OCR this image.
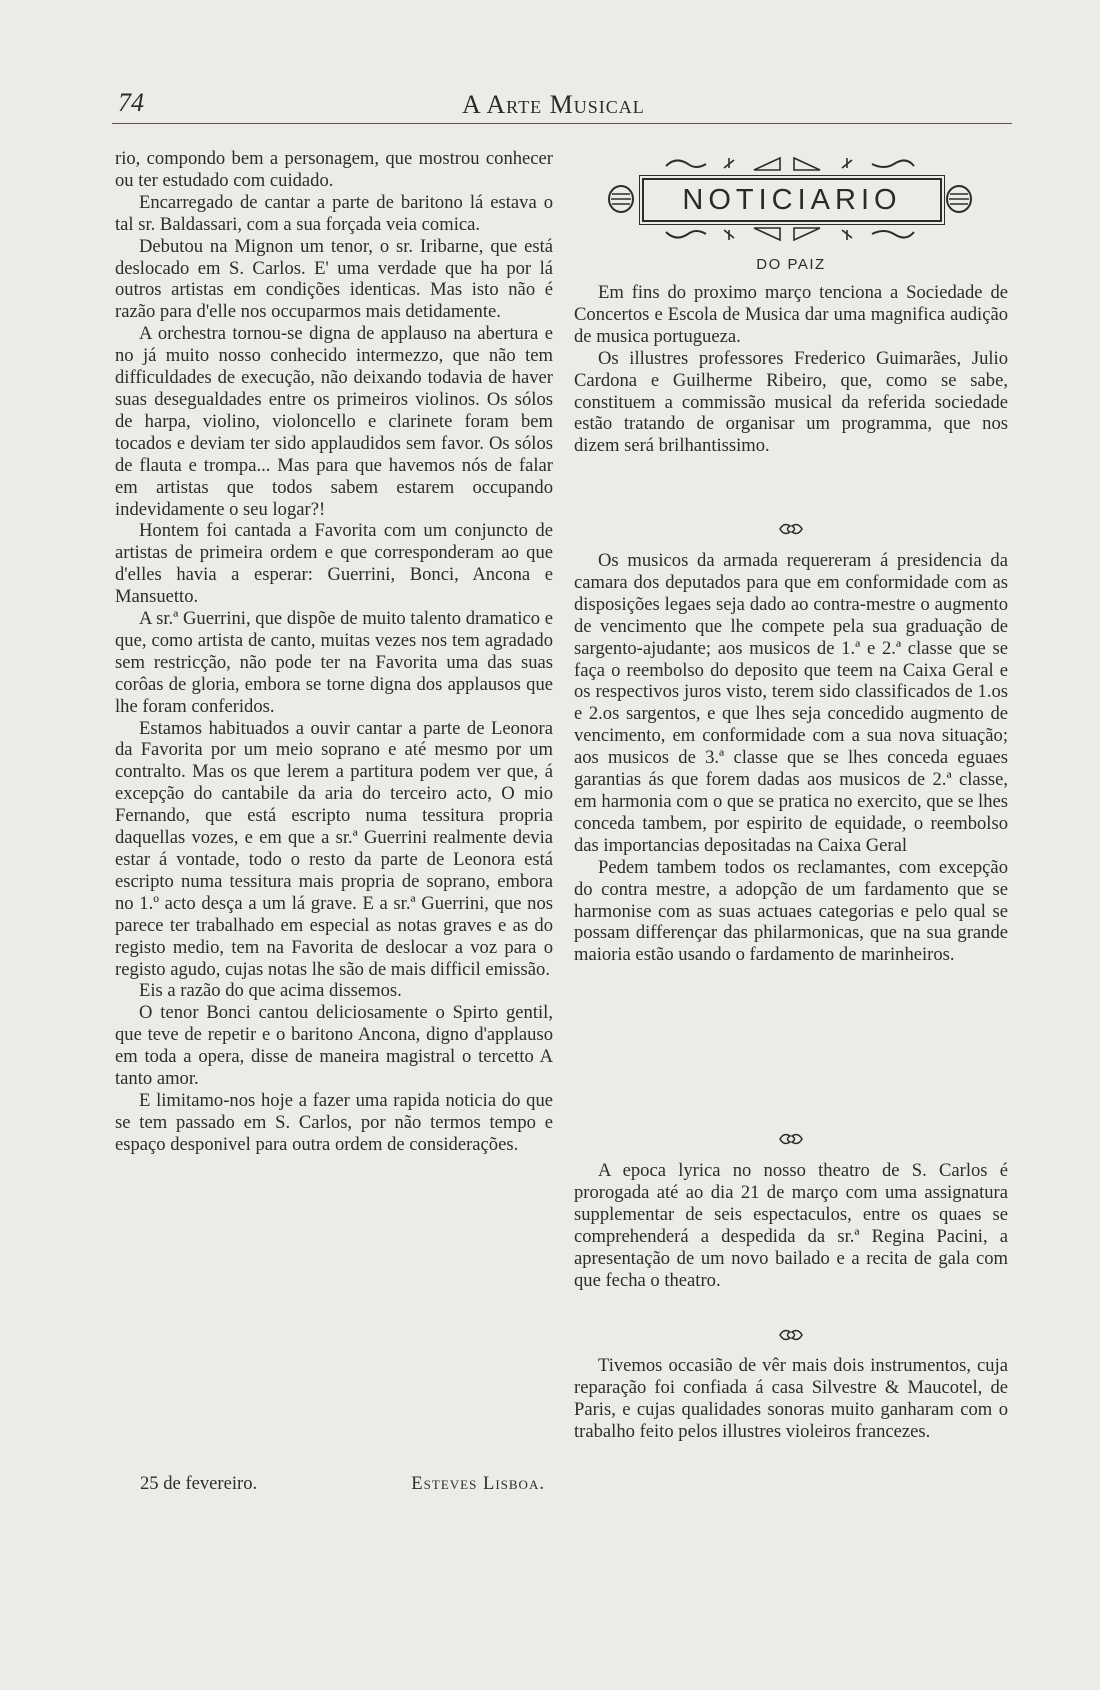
74	A Arte Musical

rio, compondo bem a personagem, que mostrou conhecer ou ter estudado com cuidado.

Encarregado de cantar a parte de baritono lá estava o tal sr. Baldassari, com a sua forçada veia comica.

Debutou na Mignon um tenor, o sr. Iribarne, que está deslocado em S. Carlos. E' uma verdade que ha por lá outros artistas em condições identicas. Mas isto não é razão para d'elle nos occuparmos mais detidamente.

A orchestra tornou-se digna de applauso na abertura e no já muito nosso conhecido intermezzo, que não tem difficuldades de execução, não deixando todavia de haver suas desegualdades entre os primeiros violinos. Os sólos de harpa, violino, violoncello e clarinete foram bem tocados e deviam ter sido applaudidos sem favor. Os sólos de flauta e trompa... Mas para que havemos nós de falar em artistas que todos sabem estarem occupando indevidamente o seu logar?!

Hontem foi cantada a Favorita com um conjuncto de artistas de primeira ordem e que corresponderam ao que d'elles havia a esperar: Guerrini, Bonci, Ancona e Mansuetto.

A sr.ª Guerrini, que dispõe de muito talento dramatico e que, como artista de canto, muitas vezes nos tem agradado sem restricção, não pode ter na Favorita uma das suas corôas de gloria, embora se torne digna dos applausos que lhe foram conferidos.

Estamos habituados a ouvir cantar a parte de Leonora da Favorita por um meio soprano e até mesmo por um contralto. Mas os que lerem a partitura podem ver que, á excepção do cantabile da aria do terceiro acto, O mio Fernando, que está escripto numa tessitura propria daquellas vozes, e em que a sr.ª Guerrini realmente devia estar á vontade, todo o resto da parte de Leonora está escripto numa tessitura mais propria de soprano, embora no 1.º acto desça a um lá grave. E a sr.ª Guerrini, que nos parece ter trabalhado em especial as notas graves e as do registo medio, tem na Favorita de deslocar a voz para o registo agudo, cujas notas lhe são de mais difficil emissão.

Eis a razão do que acima dissemos.

O tenor Bonci cantou deliciosamente o Spirto gentil, que teve de repetir e o baritono Ancona, digno d'applauso em toda a opera, disse de maneira magistral o tercetto A tanto amor.

E limitamo-nos hoje a fazer uma rapida noticia do que se tem passado em S. Carlos, por não termos tempo e espaço desponivel para outra ordem de considerações.

25 de fevereiro.	Esteves Lisboa.
NOTICIARIO
DO PAIZ

Em fins do proximo março tenciona a Sociedade de Concertos e Escola de Musica dar uma magnifica audição de musica portugueza.

Os illustres professores Frederico Guimarães, Julio Cardona e Guilherme Ribeiro, que, como se sabe, constituem a commissão musical da referida sociedade estão tratando de organisar um programma, que nos dizem será brilhantissimo.

Os musicos da armada requereram á presidencia da camara dos deputados para que em conformidade com as disposições legaes seja dado ao contra-mestre o augmento de vencimento que lhe compete pela sua graduação de sargento-ajudante; aos musicos de 1.ª e 2.ª classe que se faça o reembolso do deposito que teem na Caixa Geral e os respectivos juros visto, terem sido classificados de 1.os e 2.os sargentos, e que lhes seja concedido augmento de vencimento, em conformidade com a sua nova situação; aos musicos de 3.ª classe que se lhes conceda eguaes garantias ás que forem dadas aos musicos de 2.ª classe, em harmonia com o que se pratica no exercito, que se lhes conceda tambem, por espirito de equidade, o reembolso das importancias depositadas na Caixa Geral

Pedem tambem todos os reclamantes, com excepção do contra mestre, a adopção de um fardamento que se harmonise com as suas actuaes categorias e pelo qual se possam differençar das philarmonicas, que na sua grande maioria estão usando o fardamento de marinheiros.

A epoca lyrica no nosso theatro de S. Carlos é prorogada até ao dia 21 de março com uma assignatura supplementar de seis espectaculos, entre os quaes se comprehenderá a despedida da sr.ª Regina Pacini, a apresentação de um novo bailado e a recita de gala com que fecha o theatro.

Tivemos occasião de vêr mais dois instrumentos, cuja reparação foi confiada á casa Silvestre & Maucotel, de Paris, e cujas qualidades sonoras muito ganharam com o trabalho feito pelos illustres violeiros francezes.
